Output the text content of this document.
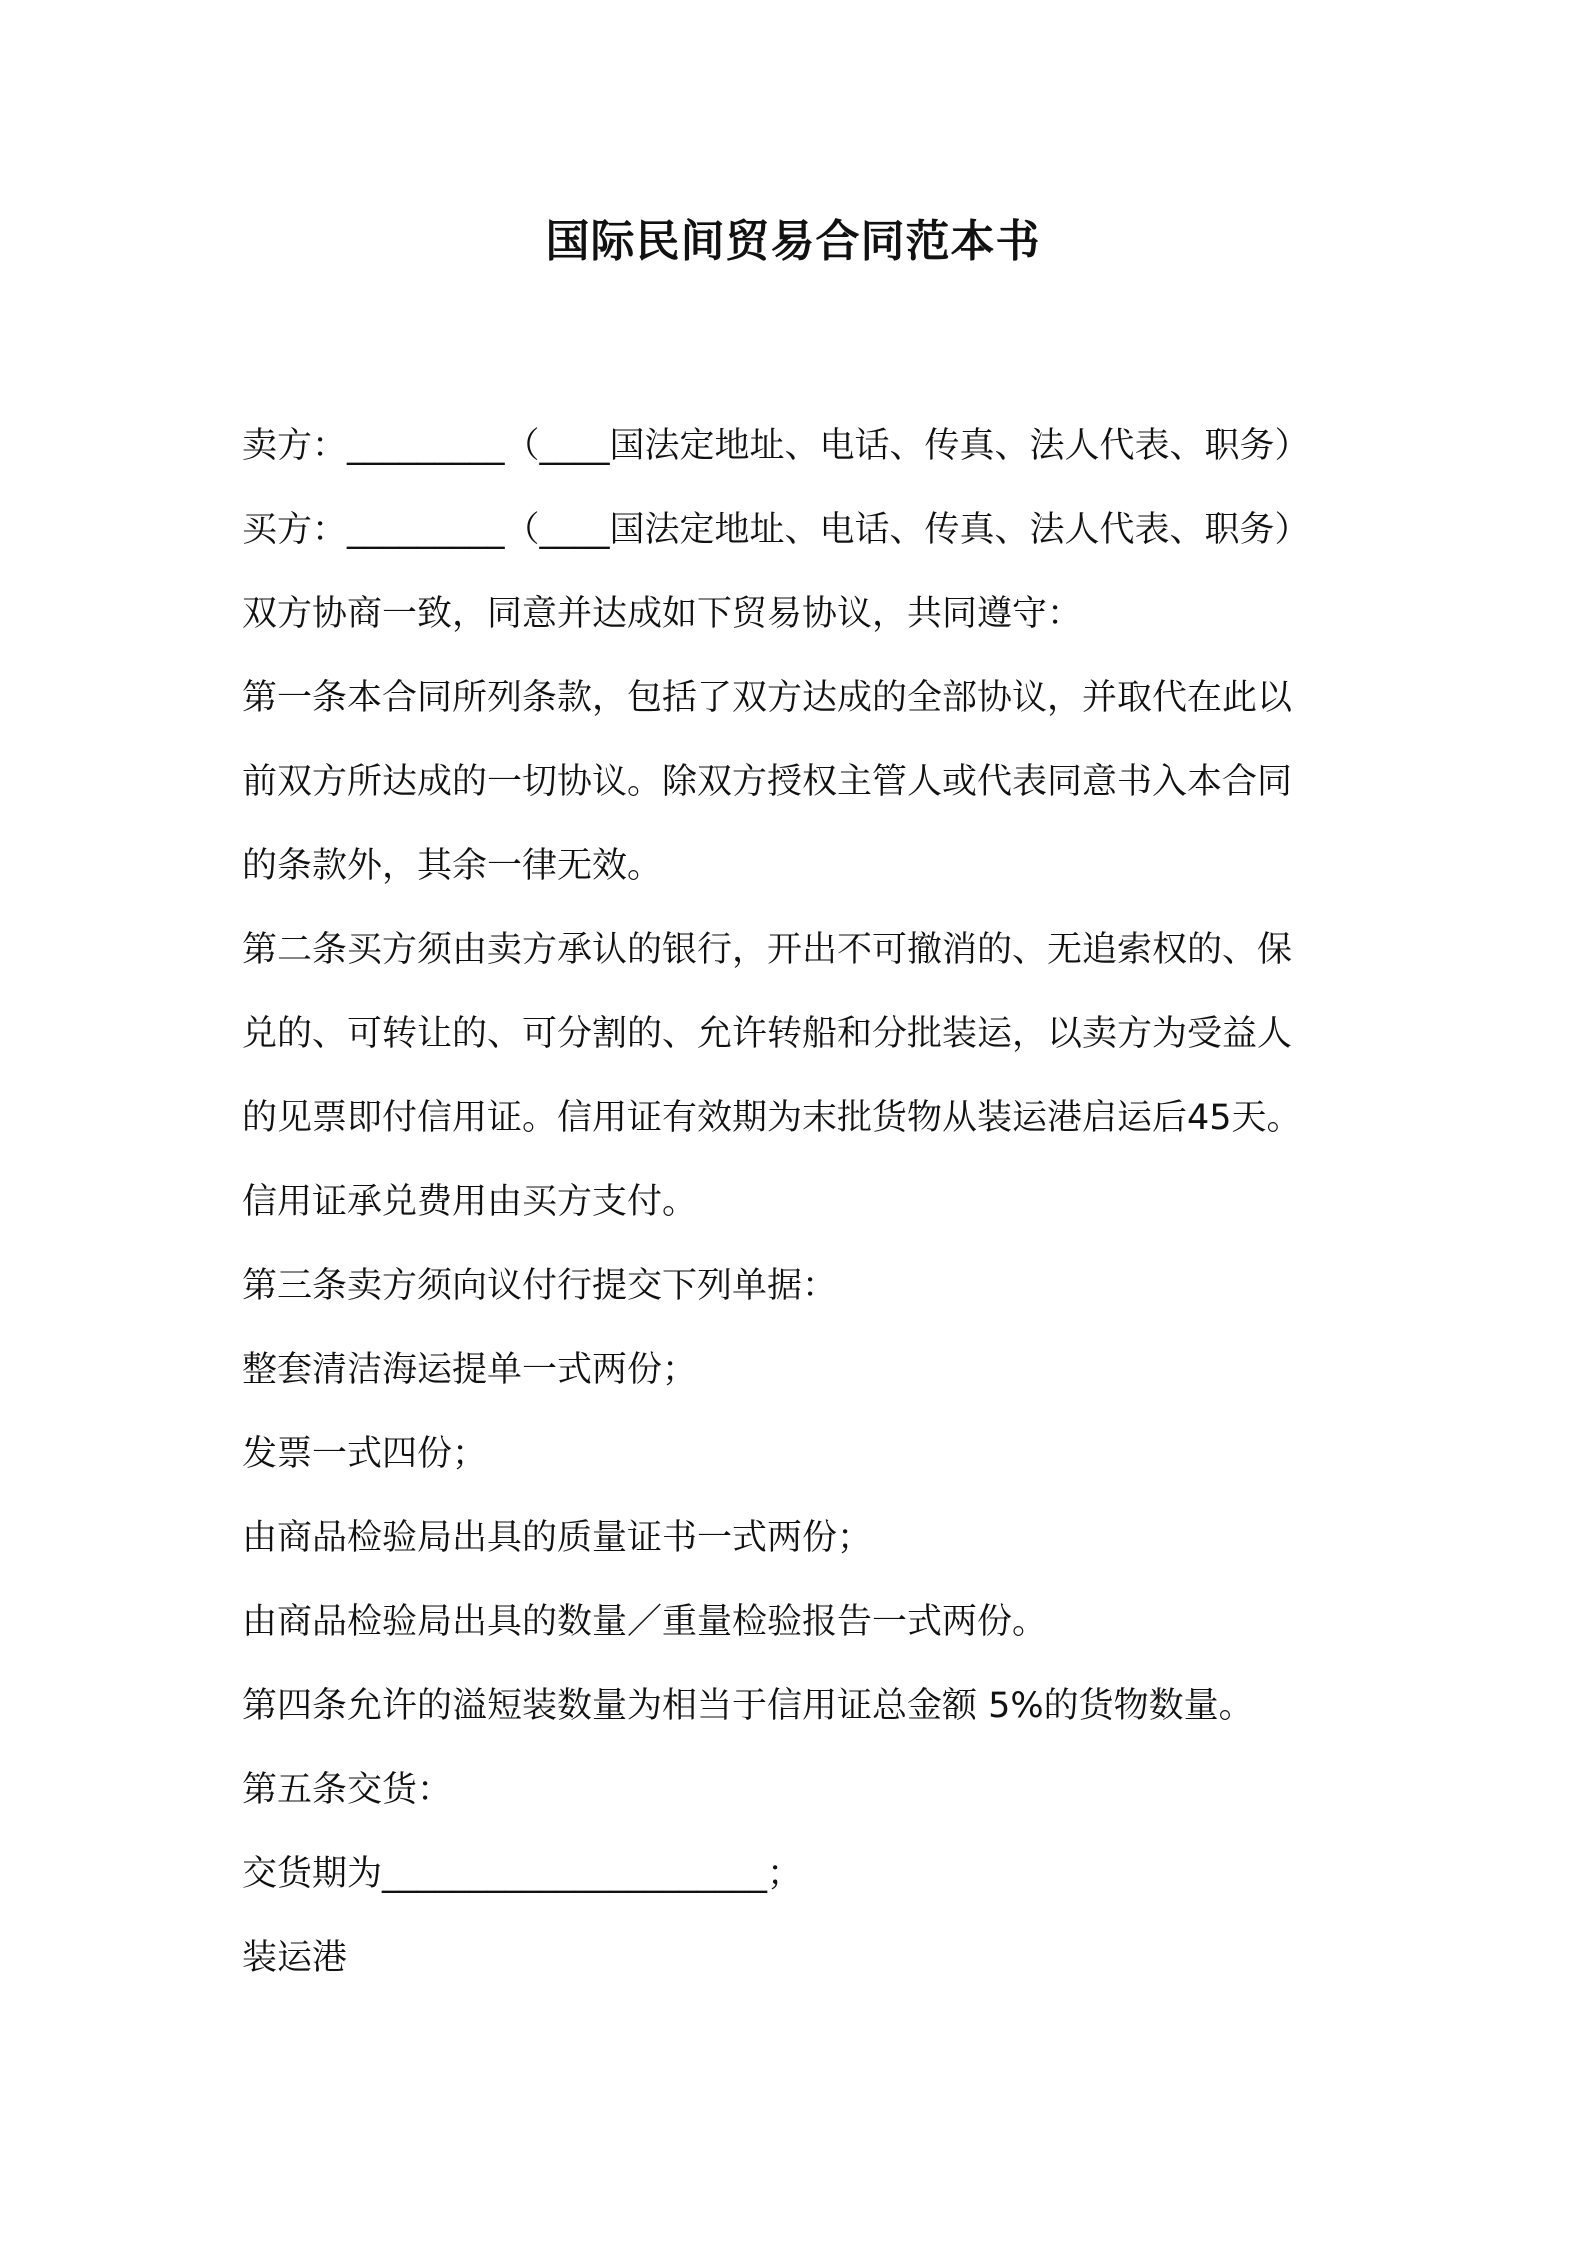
国际民间贸易合同范本书

卖方：_________（____国法定地址、电话、传真、法人代表、职务）

买方：_________（____国法定地址、电话、传真、法人代表、职务）

双方协商一致，同意并达成如下贸易协议，共同遵守：

第一条本合同所列条款，包括了双方达成的全部协议，并取代在此以

前双方所达成的一切协议。除双方授权主管人或代表同意书入本合同

的条款外，其余一律无效。

第二条买方须由卖方承认的银行，开出不可撤消的、无追索权的、保

兑的、可转让的、可分割的、允许转船和分批装运，以卖方为受益人

的见票即付信用证。信用证有效期为末批货物从装运港启运后45天。

信用证承兑费用由买方支付。

第三条卖方须向议付行提交下列单据：

整套清洁海运提单一式两份；

发票一式四份；

由商品检验局出具的质量证书一式两份；

由商品检验局出具的数量／重量检验报告一式两份。

第四条允许的溢短装数量为相当于信用证总金额 5%的货物数量。

第五条交货：

交货期为______________________；

装运港
